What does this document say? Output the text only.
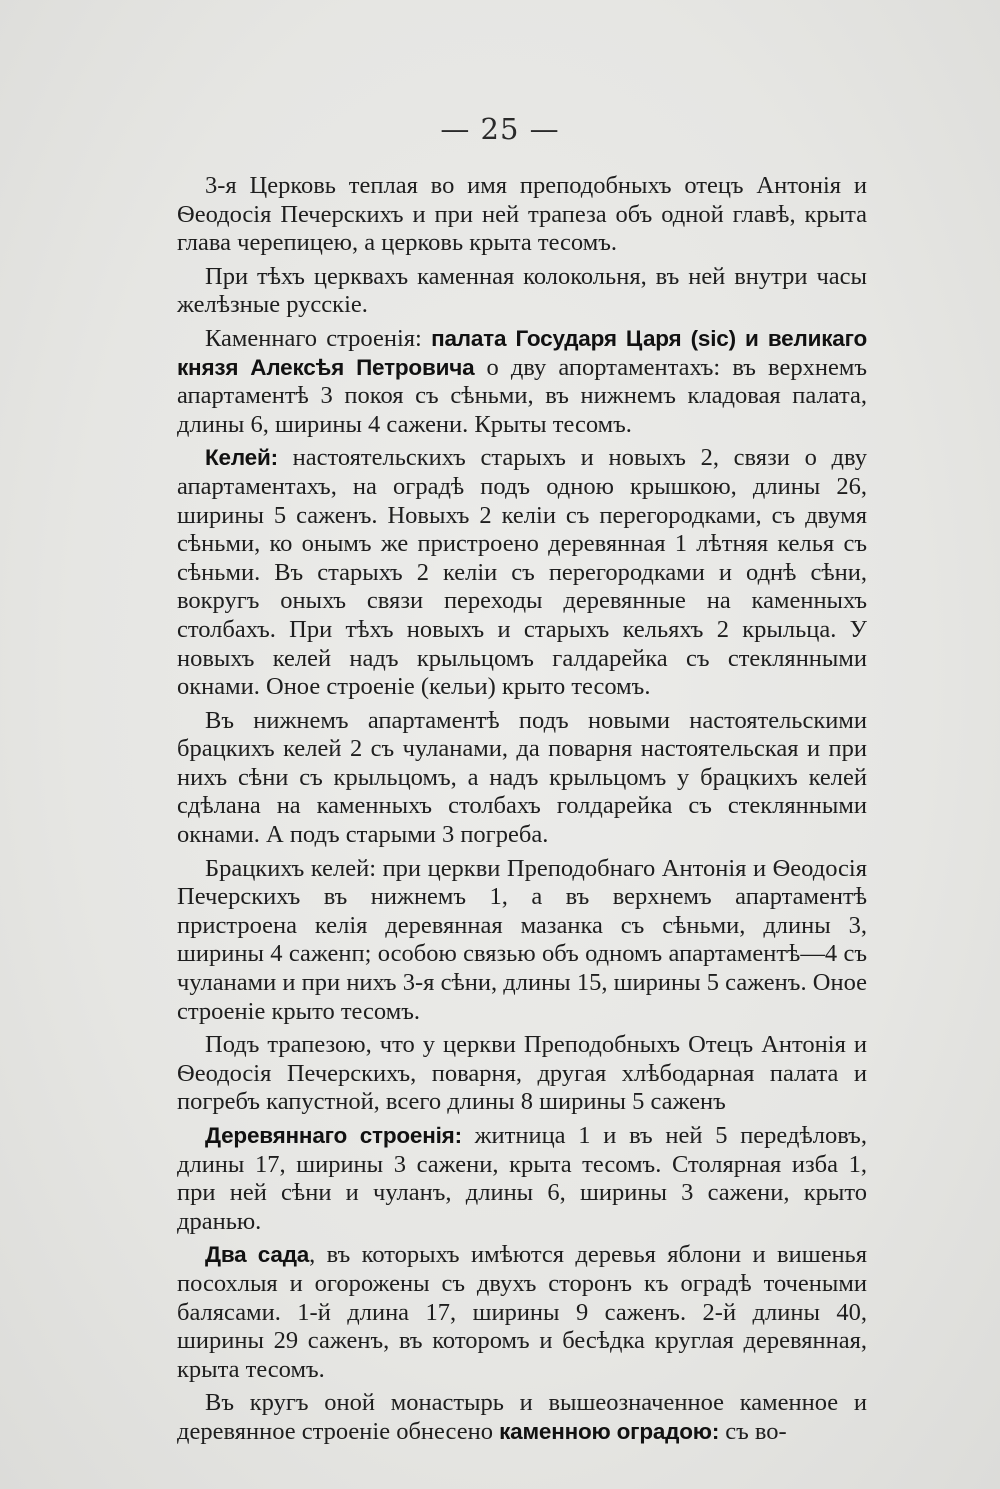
— 25 —

3-я Церковь теплая во имя преподобныхъ отецъ Антонія и Ѳеодосія Печерскихъ и при ней трапеза объ одной главѣ, крыта глава черепицею, а церковь крыта тесомъ.

При тѣхъ церквахъ каменная колокольня, въ ней внутри часы желѣзные русскіе.

Каменнаго строенія: палата Государя Царя (sic) и великаго князя Алексѣя Петровича о дву апортаментахъ: въ верхнемъ апартаментѣ 3 покоя съ сѣньми, въ нижнемъ кладовая палата, длины 6, ширины 4 сажени. Крыты тесомъ.

Келей: настоятельскихъ старыхъ и новыхъ 2, связи о дву апартаментахъ, на оградѣ подъ одною крышкою, длины 26, ширины 5 саженъ. Новыхъ 2 келіи съ перегородками, съ двумя сѣньми, ко онымъ же пристроено деревянная 1 лѣтняя келья съ сѣньми. Въ старыхъ 2 келіи съ перегородками и однѣ сѣни, вокругъ оныхъ связи переходы деревянные на каменныхъ столбахъ. При тѣхъ новыхъ и старыхъ кельяхъ 2 крыльца. У новыхъ келей надъ крыльцомъ галдарейка съ стеклянными окнами. Оное строеніе (кельи) крыто тесомъ.

Въ нижнемъ апартаментѣ подъ новыми настоятельскими брацкихъ келей 2 съ чуланами, да поварня настоятельская и при нихъ сѣни съ крыльцомъ, а надъ крыльцомъ у брацкихъ келей сдѣлана на каменныхъ столбахъ голдарейка съ стеклянными окнами. А подъ старыми 3 погреба.

Брацкихъ келей: при церкви Преподобнаго Антонія и Ѳеодосія Печерскихъ въ нижнемъ 1, а въ верхнемъ апартаментѣ пристроена келія деревянная мазанка съ сѣньми, длины 3, ширины 4 саженп; особою связью объ одномъ апартаментѣ—4 съ чуланами и при нихъ 3-я сѣни, длины 15, ширины 5 саженъ. Оное строеніе крыто тесомъ.

Подъ трапезою, что у церкви Преподобныхъ Отецъ Антонія и Ѳеодосія Печерскихъ, поварня, другая хлѣбодарная палата и погребъ капустной, всего длины 8 ширины 5 саженъ

Деревяннаго строенія: житница 1 и въ ней 5 передѣловъ, длины 17, ширины 3 сажени, крыта тесомъ. Столярная изба 1, при ней сѣни и чуланъ, длины 6, ширины 3 сажени, крыто дранью.

Два сада, въ которыхъ имѣются деревья яблони и вишенья посохлыя и огорожены съ двухъ сторонъ къ оградѣ точеными балясами. 1-й длина 17, ширины 9 саженъ. 2-й длины 40, ширины 29 саженъ, въ которомъ и бесѣдка круглая деревянная, крыта тесомъ.

Въ кругъ оной монастырь и вышеозначенное каменное и деревянное строеніе обнесено каменною оградою: съ во-
